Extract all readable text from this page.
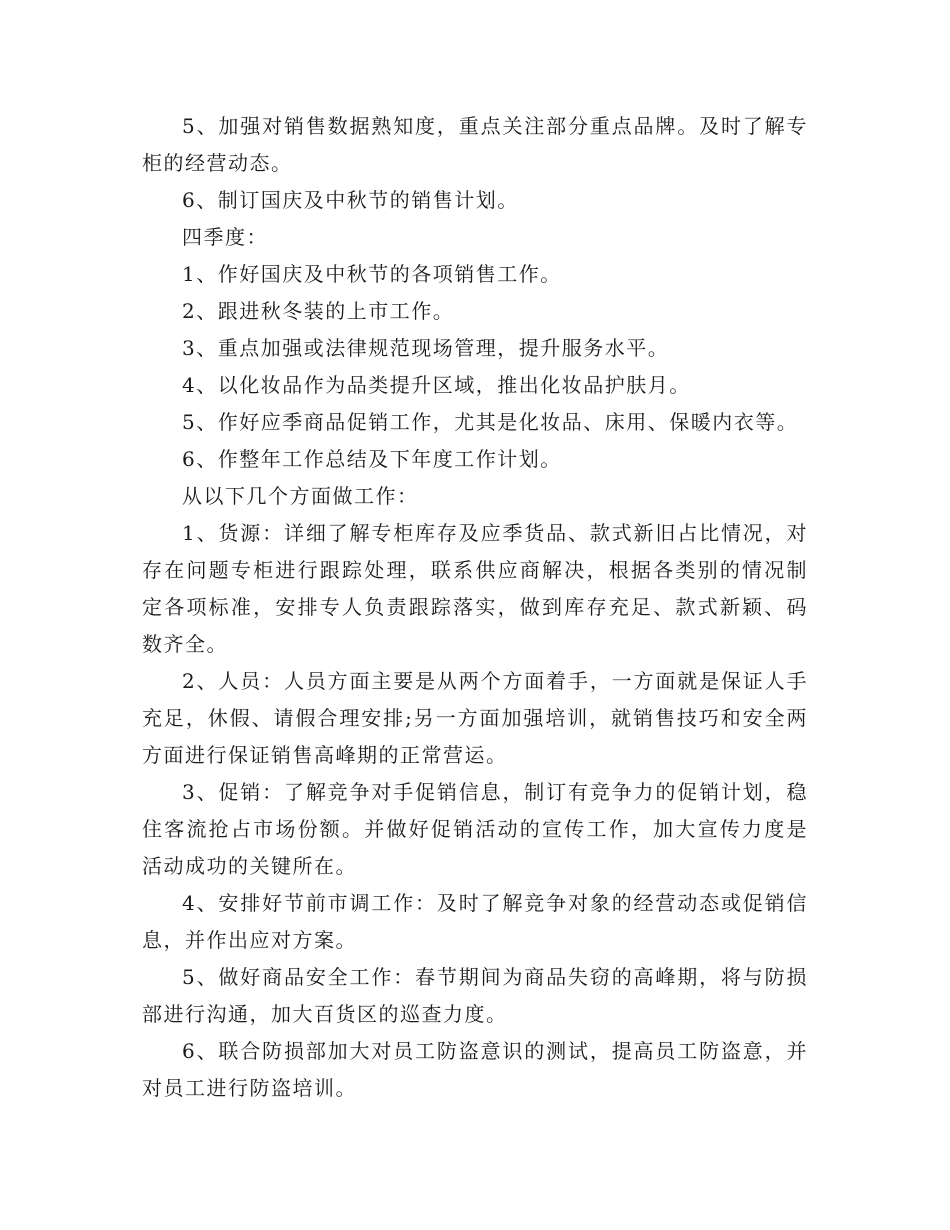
5、加强对销售数据熟知度，重点关注部分重点品牌。及时了解专柜的经营动态。

6、制订国庆及中秋节的销售计划。

四季度：

1、作好国庆及中秋节的各项销售工作。

2、跟进秋冬装的上市工作。

3、重点加强或法律规范现场管理，提升服务水平。

4、以化妆品作为品类提升区域，推出化妆品护肤月。

5、作好应季商品促销工作，尤其是化妆品、床用、保暖内衣等。

6、作整年工作总结及下年度工作计划。

从以下几个方面做工作：

1、货源：详细了解专柜库存及应季货品、款式新旧占比情况，对存在问题专柜进行跟踪处理，联系供应商解决，根据各类别的情况制定各项标准，安排专人负责跟踪落实，做到库存充足、款式新颖、码数齐全。

2、人员：人员方面主要是从两个方面着手，一方面就是保证人手充足，休假、请假合理安排;另一方面加强培训，就销售技巧和安全两方面进行保证销售高峰期的正常营运。

3、促销：了解竞争对手促销信息，制订有竞争力的促销计划，稳住客流抢占市场份额。并做好促销活动的宣传工作，加大宣传力度是活动成功的关键所在。

4、安排好节前市调工作：及时了解竞争对象的经营动态或促销信息，并作出应对方案。

5、做好商品安全工作：春节期间为商品失窃的高峰期，将与防损部进行沟通，加大百货区的巡查力度。

6、联合防损部加大对员工防盗意识的测试，提高员工防盗意，并对员工进行防盗培训。
